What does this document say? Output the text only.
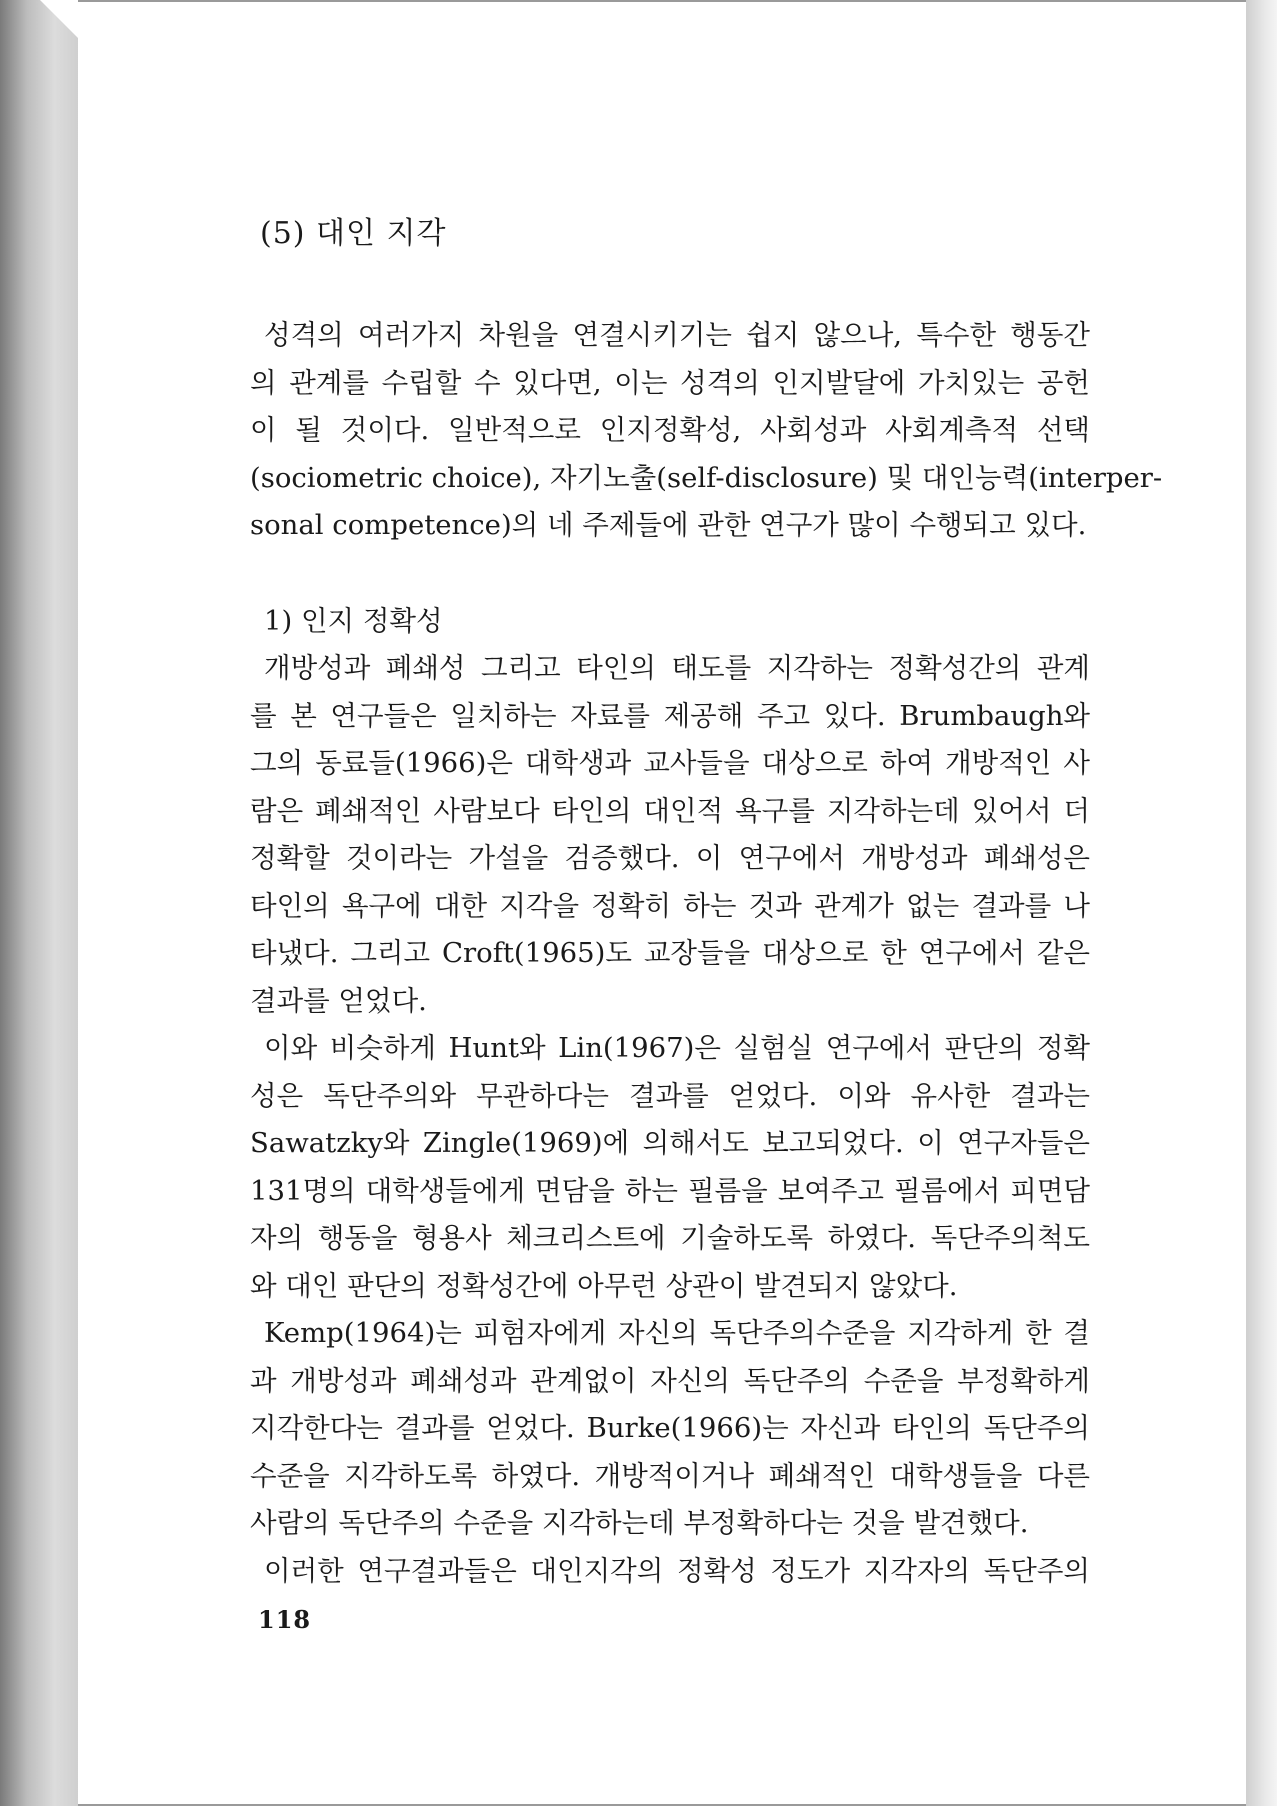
(5) 대인 지각
성격의 여러가지 차원을 연결시키기는 쉽지 않으나, 특수한 행동간
의 관계를 수립할 수 있다면, 이는 성격의 인지발달에 가치있는 공헌
이 될 것이다. 일반적으로 인지정확성, 사회성과 사회계측적 선택
(sociometric choice), 자기노출(self-disclosure) 및 대인능력(interper-
sonal competence)의 네 주제들에 관한 연구가 많이 수행되고 있다.
1) 인지 정확성
개방성과 폐쇄성 그리고 타인의 태도를 지각하는 정확성간의 관계
를 본 연구들은 일치하는 자료를 제공해 주고 있다. Brumbaugh와
그의 동료들(1966)은 대학생과 교사들을 대상으로 하여 개방적인 사
람은 폐쇄적인 사람보다 타인의 대인적 욕구를 지각하는데 있어서 더
정확할 것이라는 가설을 검증했다. 이 연구에서 개방성과 폐쇄성은
타인의 욕구에 대한 지각을 정확히 하는 것과 관계가 없는 결과를 나
타냈다. 그리고 Croft(1965)도 교장들을 대상으로 한 연구에서 같은
결과를 얻었다.
이와 비슷하게 Hunt와 Lin(1967)은 실험실 연구에서 판단의 정확
성은 독단주의와 무관하다는 결과를 얻었다. 이와 유사한 결과는
Sawatzky와 Zingle(1969)에 의해서도 보고되었다. 이 연구자들은
131명의 대학생들에게 면담을 하는 필름을 보여주고 필름에서 피면담
자의 행동을 형용사 체크리스트에 기술하도록 하였다. 독단주의척도
와 대인 판단의 정확성간에 아무런 상관이 발견되지 않았다.
Kemp(1964)는 피험자에게 자신의 독단주의수준을 지각하게 한 결
과 개방성과 폐쇄성과 관계없이 자신의 독단주의 수준을 부정확하게
지각한다는 결과를 얻었다. Burke(1966)는 자신과 타인의 독단주의
수준을 지각하도록 하였다. 개방적이거나 폐쇄적인 대학생들을 다른
사람의 독단주의 수준을 지각하는데 부정확하다는 것을 발견했다.
이러한 연구결과들은 대인지각의 정확성 정도가 지각자의 독단주의
118
